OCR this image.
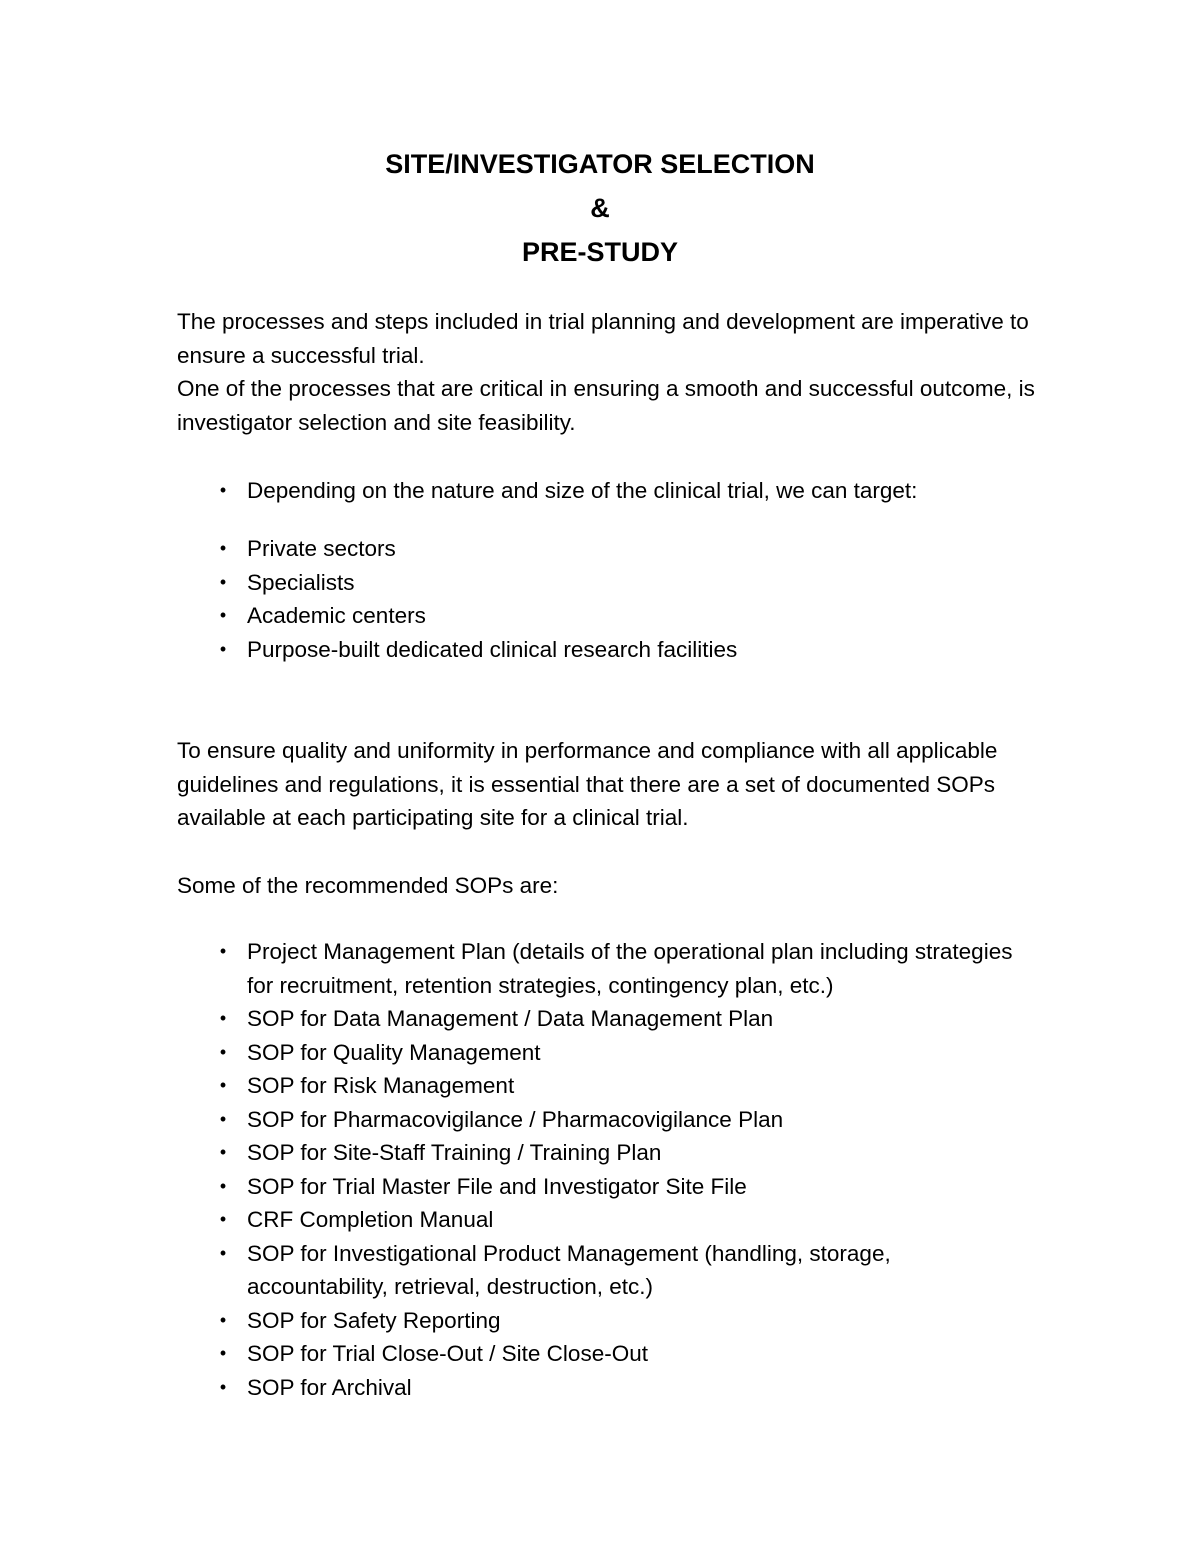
SITE/INVESTIGATOR SELECTION

&

PRE-STUDY

The processes and steps included in trial planning and development are imperative to ensure a successful trial.

One of the processes that are critical in ensuring a smooth and successful outcome, is investigator selection and site feasibility.

• Depending on the nature and size of the clinical trial, we can target:
• Private sectors
• Specialists
• Academic centers
• Purpose-built dedicated clinical research facilities

To ensure quality and uniformity in performance and compliance with all applicable guidelines and regulations, it is essential that there are a set of documented SOPs available at each participating site for a clinical trial.

Some of the recommended SOPs are:

• Project Management Plan (details of the operational plan including strategies for recruitment, retention strategies, contingency plan, etc.)
• SOP for Data Management / Data Management Plan
• SOP for Quality Management
• SOP for Risk Management
• SOP for Pharmacovigilance / Pharmacovigilance Plan
• SOP for Site-Staff Training / Training Plan
• SOP for Trial Master File and Investigator Site File
• CRF Completion Manual
• SOP for Investigational Product Management (handling, storage, accountability, retrieval, destruction, etc.)
• SOP for Safety Reporting
• SOP for Trial Close-Out / Site Close-Out
• SOP for Archival
